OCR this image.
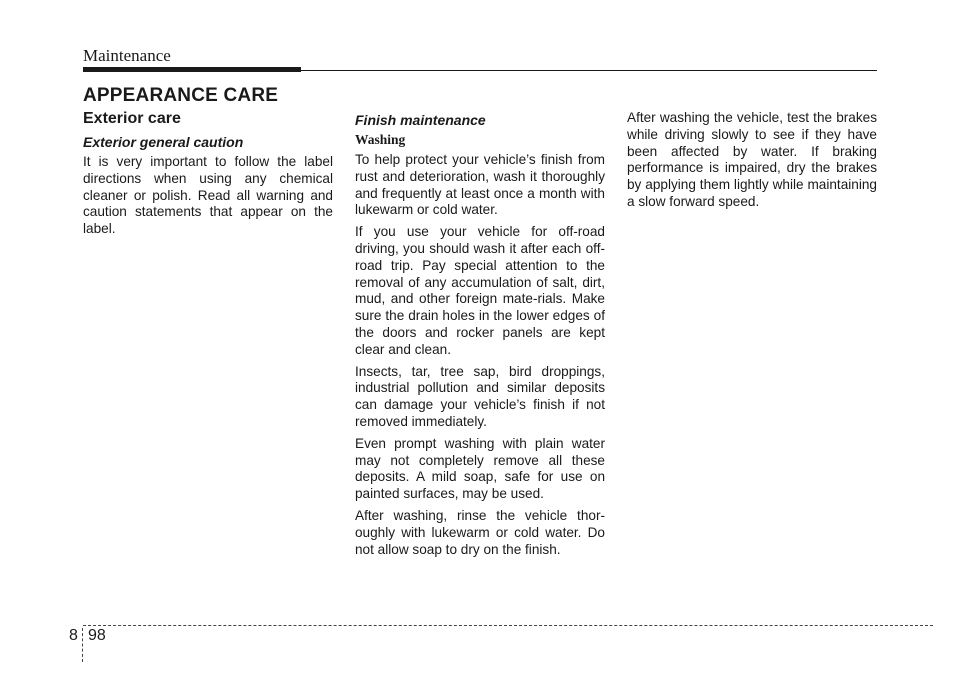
Maintenance
APPEARANCE CARE
Exterior care
Exterior general caution

It is very important to follow the label directions when using any chemical cleaner or polish. Read all warning and caution statements that appear on the label.

Finish maintenance
Washing

To help protect your vehicle’s finish from rust and deterioration, wash it thoroughly and frequently at least once a month with lukewarm or cold water.

If you use your vehicle for off-road driving, you should wash it after each off-road trip. Pay special attention to the removal of any accumulation of salt, dirt, mud, and other foreign mate-rials. Make sure the drain holes in the lower edges of the doors and rocker panels are kept clear and clean.

Insects, tar, tree sap, bird droppings, industrial pollution and similar deposits can damage your vehicle’s finish if not removed immediately.

Even prompt washing with plain water may not completely remove all these deposits. A mild soap, safe for use on painted surfaces, may be used.

After washing, rinse the vehicle thor-oughly with lukewarm or cold water. Do not allow soap to dry on the finish.

After washing the vehicle, test the brakes while driving slowly to see if they have been affected by water. If braking performance is impaired, dry the brakes by applying them lightly while maintaining a slow forward speed.

8 98
